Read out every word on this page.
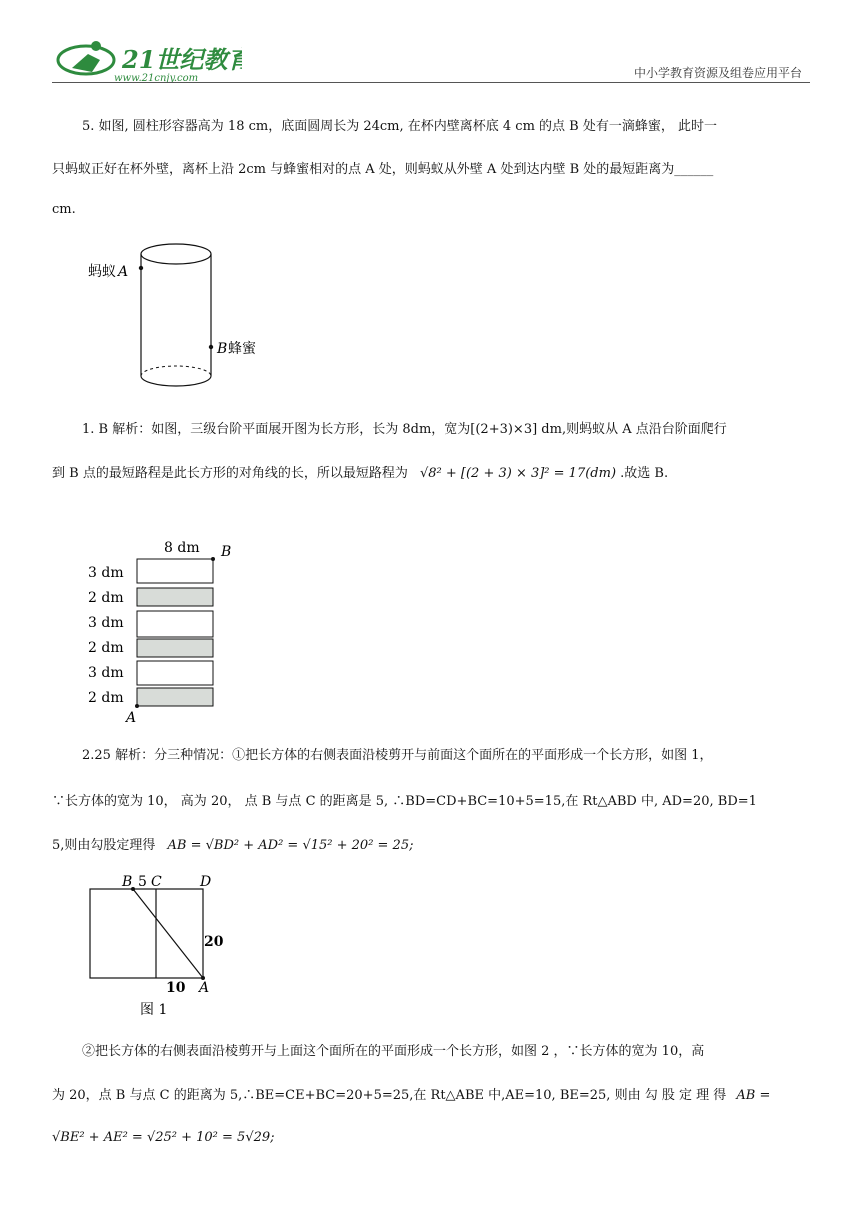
21世纪教育
www.21cnjy.com	中小学教育资源及组卷应用平台
5. 如图, 圆柱形容器高为 18 cm，底面圆周长为 24cm, 在杯内壁离杯底 4 cm 的点 B 处有一滴蜂蜜， 此时一
只蚂蚁正好在杯外壁，离杯上沿 2cm 与蜂蜜相对的点 A 处，则蚂蚁从外壁 A 处到达内壁 B 处的最短距离为______
cm.
蚂蚁 A
B 蜂蜜
1. B 解析：如图，三级台阶平面展开图为长方形，长为 8dm，宽为[(2+3)×3] dm,则蚂蚁从 A 点沿台阶面爬行
到 B 点的最短路程是此长方形的对角线的长，所以最短路程为 √8² + [(2 + 3) × 3]² = 17(dm) .故选 B.
8 dm B
A
3 dm
2 dm
3 dm
2 dm
3 dm
2 dm
2.25 解析：分三种情况：①把长方体的右侧表面沿棱剪开与前面这个面所在的平面形成一个长方形，如图 1，
∵长方体的宽为 10， 高为 20， 点 B 与点 C 的距离是 5, ∴BD=CD+BC=10+5=15,在 Rt△ABD 中, AD=20, BD=1
5,则由勾股定理得 AB = √BD² + AD² = √15² + 20² = 25;
B 5 C	D
20
10 A
图 1
②把长方体的右侧表面沿棱剪开与上面这个面所在的平面形成一个长方形，如图 2 ，∵长方体的宽为 10，高
为 20，点 B 与点 C 的距离为 5,∴BE=CE+BC=20+5=25,在 Rt△ABE 中,AE=10, BE=25, 则由 勾 股 定 理 得 AB =
√BE² + AE² = √25² + 10² = 5√29;
